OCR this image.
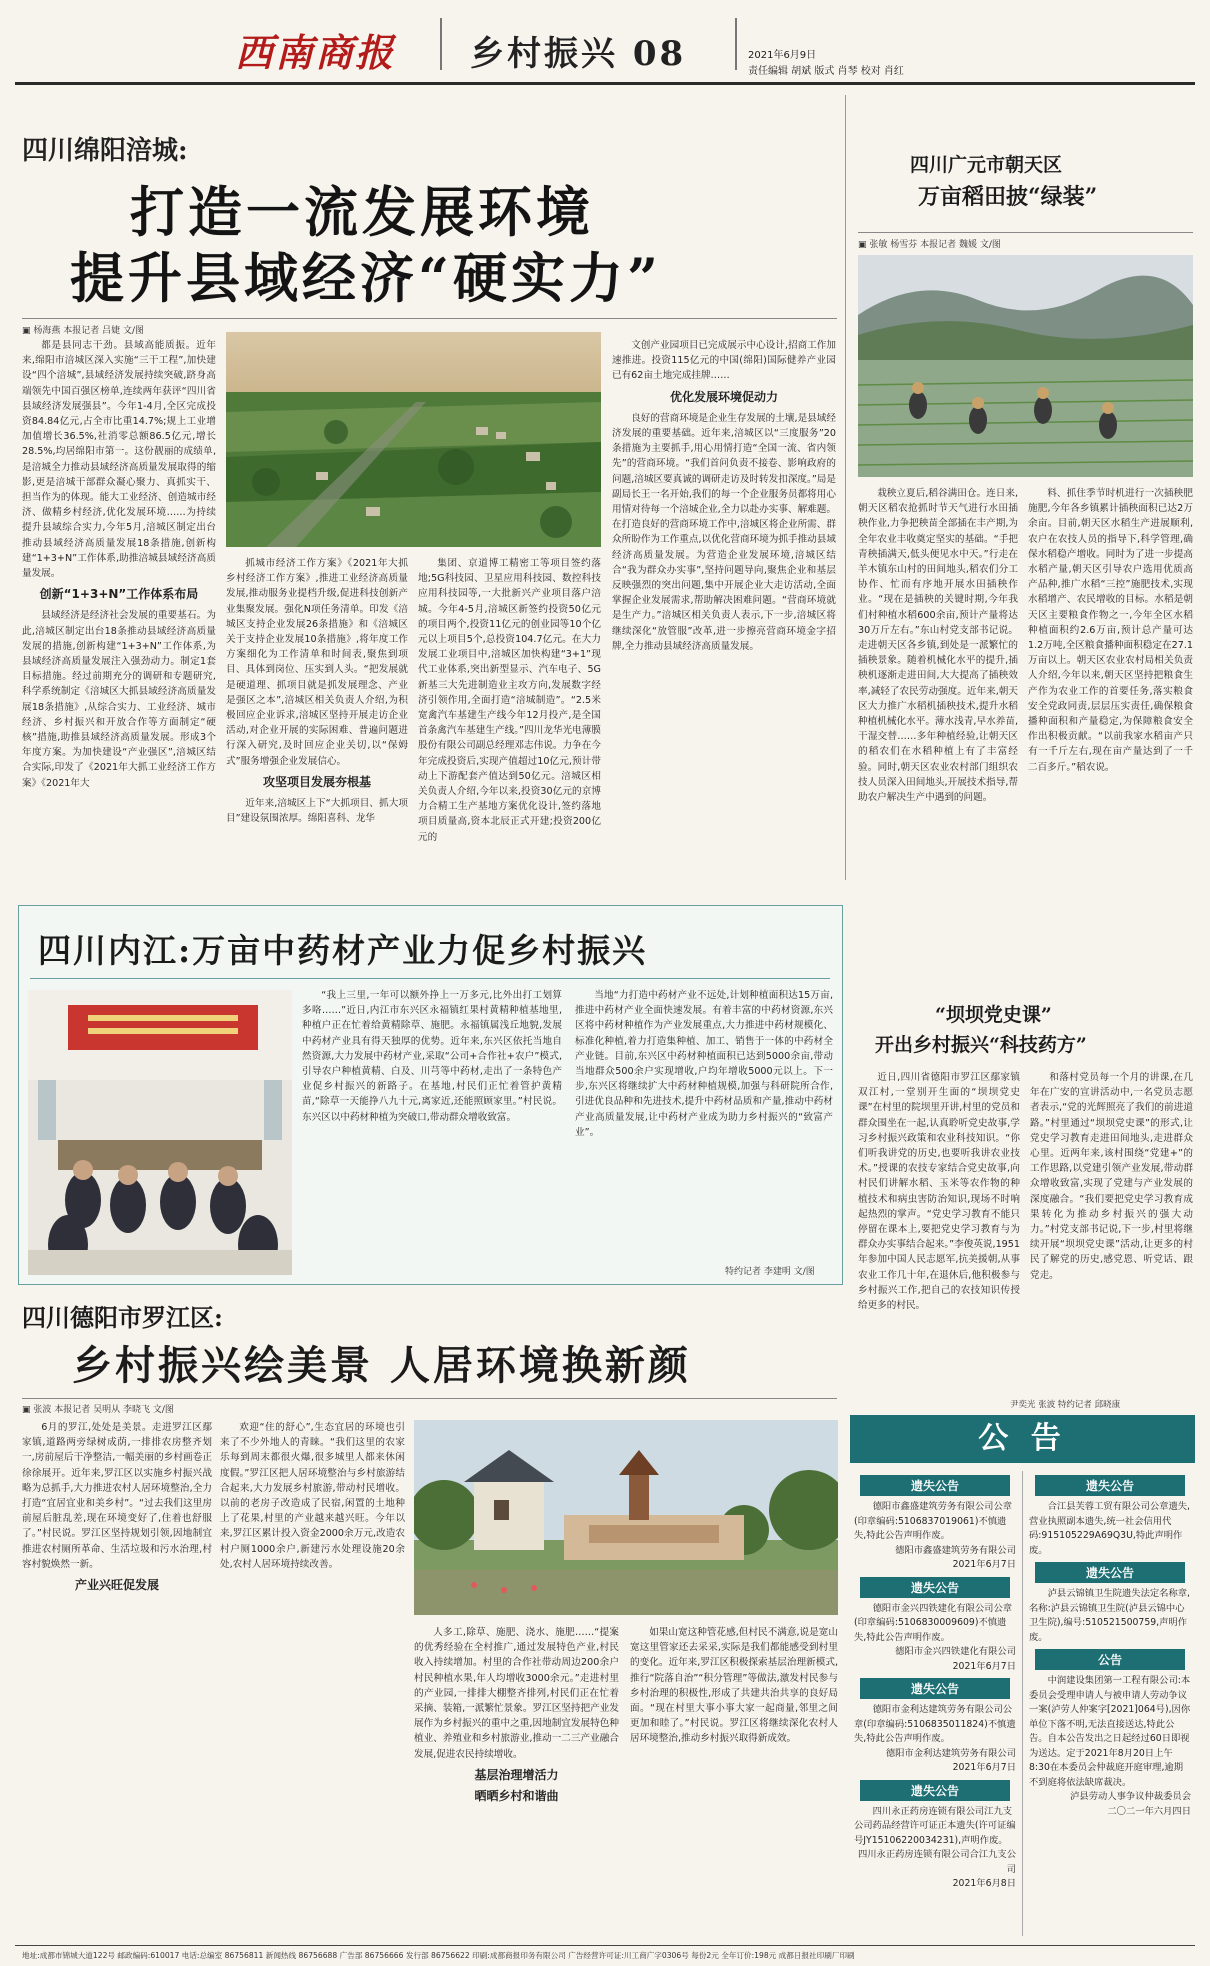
西南商报 乡村振兴 08	2021年6月9日
责任编辑 胡斌 版式 肖琴 校对 肖红
四川绵阳涪城:
打造一流发展环境
提升县域经济“硬实力”
▣ 杨海燕 本报记者 吕婕 文/图

都是县同志干劲。县域高能质振。近年来,绵阳市涪城区深入实施“三干工程”,加快建设“四个涪城”,县域经济发展持续突破,跻身高端领先中国百强区榜单,连续两年获评“四川省县域经济发展强县”。今年1-4月,全区完成投资84.84亿元,占全市比重14.7%;规上工业增加值增长36.5%,社消零总额86.5亿元,增长28.5%,均居绵阳市第一。这份靓丽的成绩单,是涪城全力推动县域经济高质量发展取得的缩影,更是涪城干部群众凝心聚力、真抓实干、担当作为的体现。能大工业经济、创造城市经济、做精乡村经济,优化发展环境……为持续提升县域综合实力,今年5月,涪城区制定出台推动县域经济高质量发展18条措施,创新构建“1+3+N”工作体系,助推涪城县域经济高质量发展。

创新“1+3+N”工作体系布局

县域经济是经济社会发展的重要基石。为此,涪城区制定出台18条推动县域经济高质量发展的措施,创新构建“1+3+N”工作体系,为县域经济高质量发展注入强劲动力。制定1套目标措施。经过前期充分的调研和专题研究,科学系统制定《涪城区大抓县域经济高质量发展18条措施》,从综合实力、工业经济、城市经济、乡村振兴和开放合作等方面制定“硬核”措施,助推县域经济高质量发展。形成3个年度方案。为加快建设“产业强区”,涪城区结合实际,印发了《2021年大抓工业经济工作方案》《2021年大

抓城市经济工作方案》《2021年大抓乡村经济工作方案》,推进工业经济高质量发展,推动服务业提档升级,促进科技创新产业集聚发展。强化N项任务清单。印发《涪城区支持企业发展26条措施》和《涪城区关于支持企业发展10条措施》,将年度工作方案细化为工作清单和时间表,聚焦到项目、具体到岗位、压实到人头。“把发展就是硬道理、抓项目就是抓发展理念、产业是强区之本”,涪城区相关负责人介绍,为积极回应企业诉求,涪城区坚持开展走访企业活动,对企业开展的实际困难、普遍问题进行深入研究,及时回应企业关切,以“保姆式”服务增强企业发展信心。

攻坚项目发展夯根基

近年来,涪城区上下“大抓项目、抓大项目”建设氛围浓厚。绵阳喜科、龙华

集团、京道博工精密工等项目签约落地;5G科技园、卫星应用科技园、数控科技应用科技园等,一大批新兴产业项目落户涪城。今年4-5月,涪城区新签约投资50亿元的项目两个,投资11亿元的创业园等10个亿元以上项目5个,总投资104.7亿元。在大力发展工业项目中,涪城区加快构建“3+1”现代工业体系,突出新型显示、汽车电子、5G新基三大先进制造业主攻方向,发展数字经济引领作用,全面打造“涪城制造”。“2.5米宽禽汽车基建生产线今年12月投产,是全国首条禽汽车基建生产线。”四川龙华光电薄膜股份有限公司副总经理邓志伟说。力争在今年完成投资后,实现产值超过10亿元,预计带动上下游配套产值达到50亿元。涪城区相关负责人介绍,今年以来,投资30亿元的京博力合精工生产基地方案优化设计,签约落地项目质量高,资本北辰正式开建;投资200亿元的

文创产业园项目已完成展示中心设计,招商工作加速推进。投资115亿元的中国(绵阳)国际健养产业园已有62亩土地完成挂牌……

优化发展环境促动力

良好的营商环境是企业生存发展的土壤,是县域经济发展的重要基础。近年来,涪城区以“三度服务”20条措施为主要抓手,用心用情打造“全国一流、省内领先”的营商环境。“我们首问负责不接卷、影响政府的问题,涪城区要真诚的调研走访及时转发扣深度。”局是副局长王一名开始,我们的每一个企业服务员都将用心用情对待每一个涪城企业,全力以赴办实事、解难题。在打造良好的营商环境工作中,涪城区将企业所需、群众所盼作为工作重点,以优化营商环境为抓手推动县域经济高质量发展。为营造企业发展环境,涪城区结合“我为群众办实事”,坚持问题导向,聚焦企业和基层反映强烈的突出问题,集中开展企业大走访活动,全面掌握企业发展需求,帮助解决困难问题。“营商环境就是生产力。”涪城区相关负责人表示,下一步,涪城区将继续深化“放管服”改革,进一步擦亮营商环境金字招牌,全力推动县域经济高质量发展。

四川广元市朝天区
万亩稻田披“绿装”
▣ 张敏 杨雪芬 本报记者 魏媛 文/图

栽秧立夏后,稻谷满田仓。连日来,朝天区稻农抢抓时节天气进行水田插秧作业,力争把秧苗全部插在丰产期,为全年农业丰收奠定坚实的基础。“手把青秧插满天,低头便见水中天。”行走在羊木镇东山村的田间地头,稻农们分工协作、忙而有序地开展水田插秧作业。“现在是插秧的关键时期,今年我们村种植水稻600余亩,预计产量将达30万斤左右。”东山村党支部书记说。走进朝天区各乡镇,到处是一派繁忙的插秧景象。随着机械化水平的提升,插秧机逐渐走进田间,大大提高了插秧效率,减轻了农民劳动强度。近年来,朝天区大力推广水稻机插秧技术,提升水稻种植机械化水平。薄水浅青,早水养苗,干湿交替……多年种植经验,让朝天区的稻农们在水稻种植上有了丰富经验。同时,朝天区农业农村部门组织农技人员深入田间地头,开展技术指导,帮助农户解决生产中遇到的问题。

料、抓住季节时机进行一次插秧肥施肥,今年各乡镇累计插秧面积已达2万余亩。目前,朝天区水稻生产进展顺利,农户在农技人员的指导下,科学管理,确保水稻稳产增收。同时为了进一步提高水稻产量,朝天区引导农户选用优质高产品种,推广水稻“三控”施肥技术,实现水稻增产、农民增收的目标。水稻是朝天区主要粮食作物之一,今年全区水稻种植面积约2.6万亩,预计总产量可达1.2万吨,全区粮食播种面积稳定在27.1万亩以上。朝天区农业农村局相关负责人介绍,今年以来,朝天区坚持把粮食生产作为农业工作的首要任务,落实粮食安全党政同责,层层压实责任,确保粮食播种面积和产量稳定,为保障粮食安全作出积极贡献。“以前我家水稻亩产只有一千斤左右,现在亩产量达到了一千二百多斤。”稻农说。

四川内江:万亩中药材产业力促乡村振兴

“我上三里,一年可以额外挣上一万多元,比外出打工划算多咯……”近日,内江市东兴区永福镇红果村黄精种植基地里,种植户正在忙着给黄精除草、施肥。永福镇属浅丘地貌,发展中药材产业具有得天独厚的优势。近年来,东兴区依托当地自然资源,大力发展中药材产业,采取“公司+合作社+农户”模式,引导农户种植黄精、白及、川芎等中药材,走出了一条特色产业促乡村振兴的新路子。在基地,村民们正忙着管护黄精苗,“除草一天能挣八九十元,离家近,还能照顾家里。”村民说。东兴区以中药材种植为突破口,带动群众增收致富。

当地“力打造中药材产业不远处,计划种植面积达15万亩,推进中药材产业全面快速发展。有着丰富的中药材资源,东兴区将中药材种植作为产业发展重点,大力推进中药材规模化、标准化种植,着力打造集种植、加工、销售于一体的中药材全产业链。目前,东兴区中药材种植面积已达到5000余亩,带动当地群众500余户实现增收,户均年增收5000元以上。下一步,东兴区将继续扩大中药材种植规模,加强与科研院所合作,引进优良品种和先进技术,提升中药材品质和产量,推动中药材产业高质量发展,让中药材产业成为助力乡村振兴的“致富产业”。

特约记者 李建明 文/图
“坝坝党史课”
开出乡村振兴“科技药方”

近日,四川省德阳市罗江区鄢家镇双江村,一堂别开生面的“坝坝党史课”在村里的院坝里开讲,村里的党员和群众围坐在一起,认真聆听党史故事,学习乡村振兴政策和农业科技知识。“你们听我讲党的历史,也要听我讲农业技术。”授课的农技专家结合党史故事,向村民们讲解水稻、玉米等农作物的种植技术和病虫害防治知识,现场不时响起热烈的掌声。“党史学习教育不能只停留在课本上,要把党史学习教育与为群众办实事结合起来。”李俊英说,1951年参加中国人民志愿军,抗美援朝,从事农业工作几十年,在退休后,他积极参与乡村振兴工作,把自己的农技知识传授给更多的村民。

和落村党员每一个月的讲课,在几年在广安的宣讲活动中,一名党员志愿者表示,“党的光辉照亮了我们的前进道路。”村里通过“坝坝党史课”的形式,让党史学习教育走进田间地头,走进群众心里。近两年来,该村围绕“党建+”的工作思路,以党建引领产业发展,带动群众增收致富,实现了党建与产业发展的深度融合。“我们要把党史学习教育成果转化为推动乡村振兴的强大动力。”村党支部书记说,下一步,村里将继续开展“坝坝党史课”活动,让更多的村民了解党的历史,感党恩、听党话、跟党走。

尹奕光 张波 特约记者 邱晓康
四川德阳市罗江区:
乡村振兴绘美景 人居环境换新颜
▣ 张波 本报记者 吴明从 李晓飞 文/图

6月的罗江,处处是美景。走进罗江区鄢家镇,道路两旁绿树成荫,一排排农房整齐划一,房前屋后干净整洁,一幅美丽的乡村画卷正徐徐展开。近年来,罗江区以实施乡村振兴战略为总抓手,大力推进农村人居环境整治,全力打造“宜居宜业和美乡村”。“过去我们这里房前屋后脏乱差,现在环境变好了,住着也舒服了。”村民说。罗江区坚持规划引领,因地制宜推进农村厕所革命、生活垃圾和污水治理,村容村貌焕然一新。

产业兴旺促发展

欢迎“住的舒心”,生态宜居的环境也引来了不少外地人的青睐。“我们这里的农家乐每到周末都很火爆,很多城里人都来休闲度假。”罗江区把人居环境整治与乡村旅游结合起来,大力发展乡村旅游,带动村民增收。以前的老房子改造成了民宿,闲置的土地种上了花果,村里的产业越来越兴旺。今年以来,罗江区累计投入资金2000余万元,改造农村户厕1000余户,新建污水处理设施20余处,农村人居环境持续改善。

人多工,除草、施肥、浇水、施肥……“提案的优秀经验在全村推广,通过发展特色产业,村民收入持续增加。村里的合作社带动周边200余户村民种植水果,年人均增收3000余元。”走进村里的产业园,一排排大棚整齐排列,村民们正在忙着采摘、装箱,一派繁忙景象。罗江区坚持把产业发展作为乡村振兴的重中之重,因地制宜发展特色种植业、养殖业和乡村旅游业,推动一二三产业融合发展,促进农民持续增收。

基层治理增活力
晒晒乡村和谐曲

如果山宽这种管花感,但村民不满意,说是宽山宽这里管家还去采采,实际是我们都能感受到村里的变化。近年来,罗江区积极探索基层治理新模式,推行“院落自治”“积分管理”等做法,激发村民参与乡村治理的积极性,形成了共建共治共享的良好局面。“现在村里大事小事大家一起商量,邻里之间更加和睦了。”村民说。罗江区将继续深化农村人居环境整治,推动乡村振兴取得新成效。

公 告
遗失公告

德阳市鑫盛建筑劳务有限公司公章(印章编码:5106837019061)不慎遗失,特此公告声明作废。

德阳市鑫盛建筑劳务有限公司

2021年6月7日

遗失公告

德阳市金兴四铁建化有限公司公章(印章编码:5106830009609)不慎遗失,特此公告声明作废。

德阳市金兴四铁建化有限公司

2021年6月7日

遗失公告

德阳市金利达建筑劳务有限公司公章(印章编码:5106835011824)不慎遗失,特此公告声明作废。

德阳市金利达建筑劳务有限公司

2021年6月7日

遗失公告

四川永正药房连锁有限公司江九支公司药品经营许可证正本遗失(许可证编号JY15106220034231),声明作废。

四川永正药房连锁有限公司合江九支公司

2021年6月8日

遗失公告

合江县芙蓉工贸有限公司公章遗失,营业执照副本遗失,统一社会信用代码:915105229A69Q3U,特此声明作废。

遗失公告

泸县云锦镇卫生院遗失法定名称章,名称:泸县云锦镇卫生院(泸县云锦中心卫生院),编号:510521500759,声明作废。

公告

中润建设集团第一工程有限公司:本委员会受理申请人与被申请人劳动争议一案(泸劳人仲案字[2021]064号),因你单位下落不明,无法直接送达,特此公告。自本公告发出之日起经过60日即视为送达。定于2021年8月20日上午8:30在本委员会仲裁庭开庭审理,逾期不到庭将依法缺席裁决。

泸县劳动人事争议仲裁委员会

二〇二一年六月四日

地址:成都市锦城大道122号 邮政编码:610017 电话:总编室 86756811 新闻热线 86756688 广告部 86756666 发行部 86756622 印刷:成都商报印务有限公司 广告经营许可证:川工商广字0306号 每份2元 全年订价:198元 成都日报社印刷厂印刷
